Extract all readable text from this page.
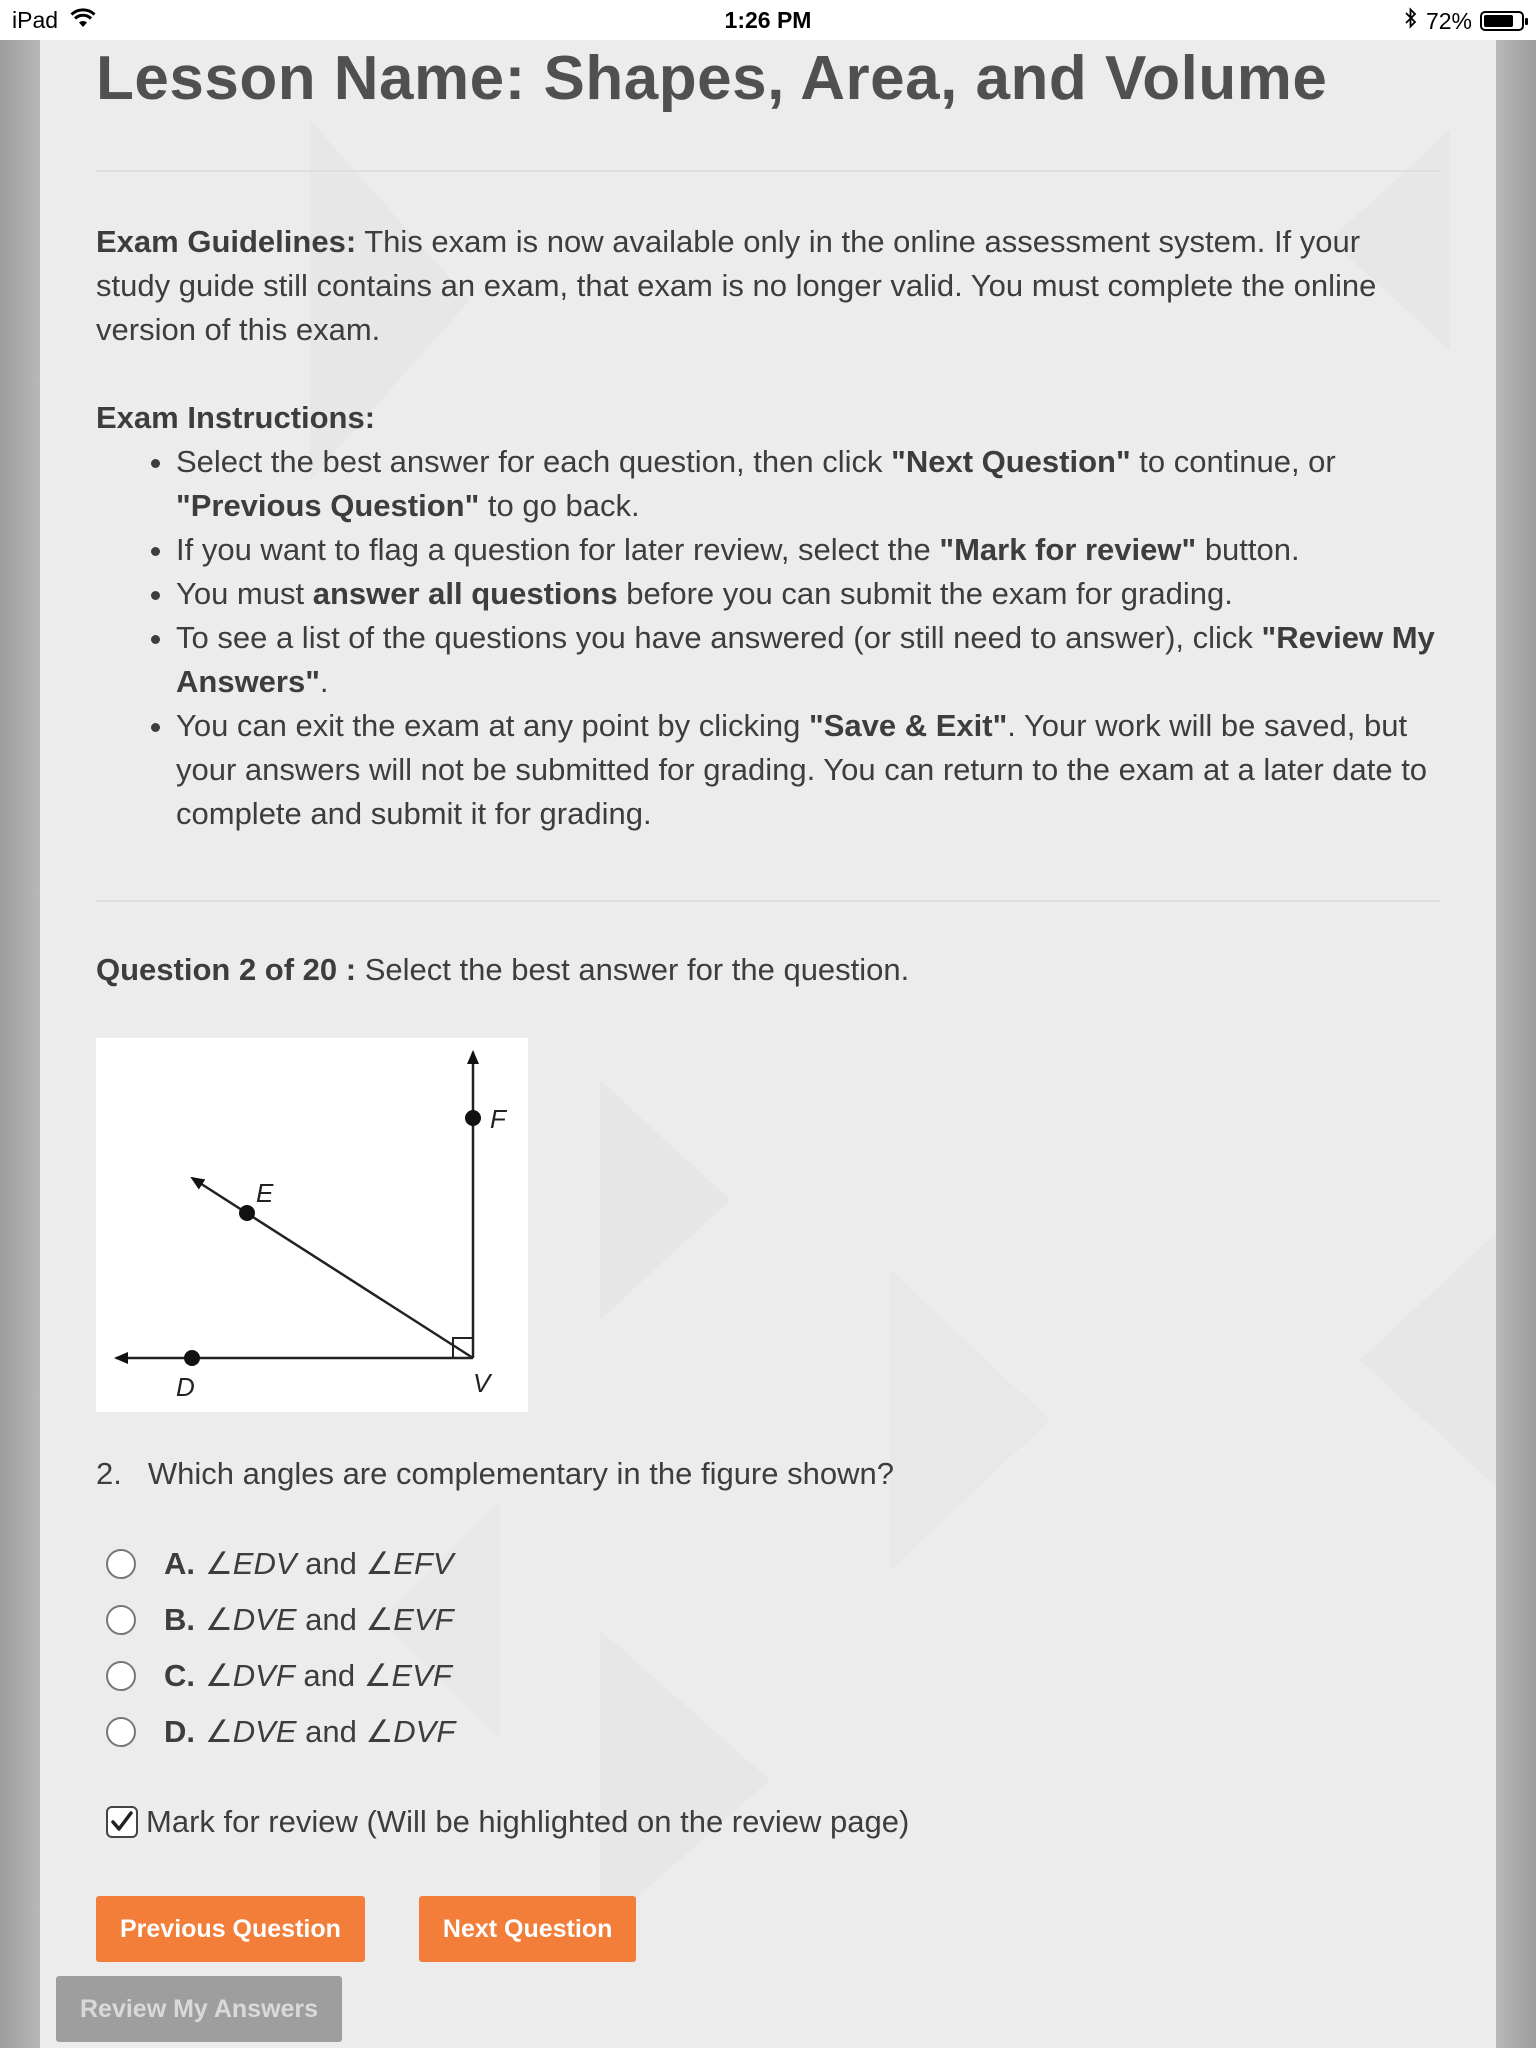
iPad	1:26 PM	72%
Lesson Name: Shapes, Area, and Volume
Exam Guidelines: This exam is now available only in the online assessment system. If your study guide still contains an exam, that exam is no longer valid. You must complete the online version of this exam.
Exam Instructions:
• Select the best answer for each question, then click "Next Question" to continue, or "Previous Question" to go back.
• If you want to flag a question for later review, select the "Mark for review" button.
• You must answer all questions before you can submit the exam for grading.
• To see a list of the questions you have answered (or still need to answer), click "Review My Answers".
• You can exit the exam at any point by clicking "Save & Exit". Your work will be saved, but your answers will not be submitted for grading. You can return to the exam at a later date to complete and submit it for grading.
Question 2 of 20 : Select the best answer for the question.
D
E
F
V
2. Which angles are complementary in the figure shown?
A. ∠EDV and ∠EFV
B. ∠DVE and ∠EVF
C. ∠DVF and ∠EVF
D. ∠DVE and ∠DVF
Mark for review (Will be highlighted on the review page)
Previous Question	Next Question
Review My Answers
